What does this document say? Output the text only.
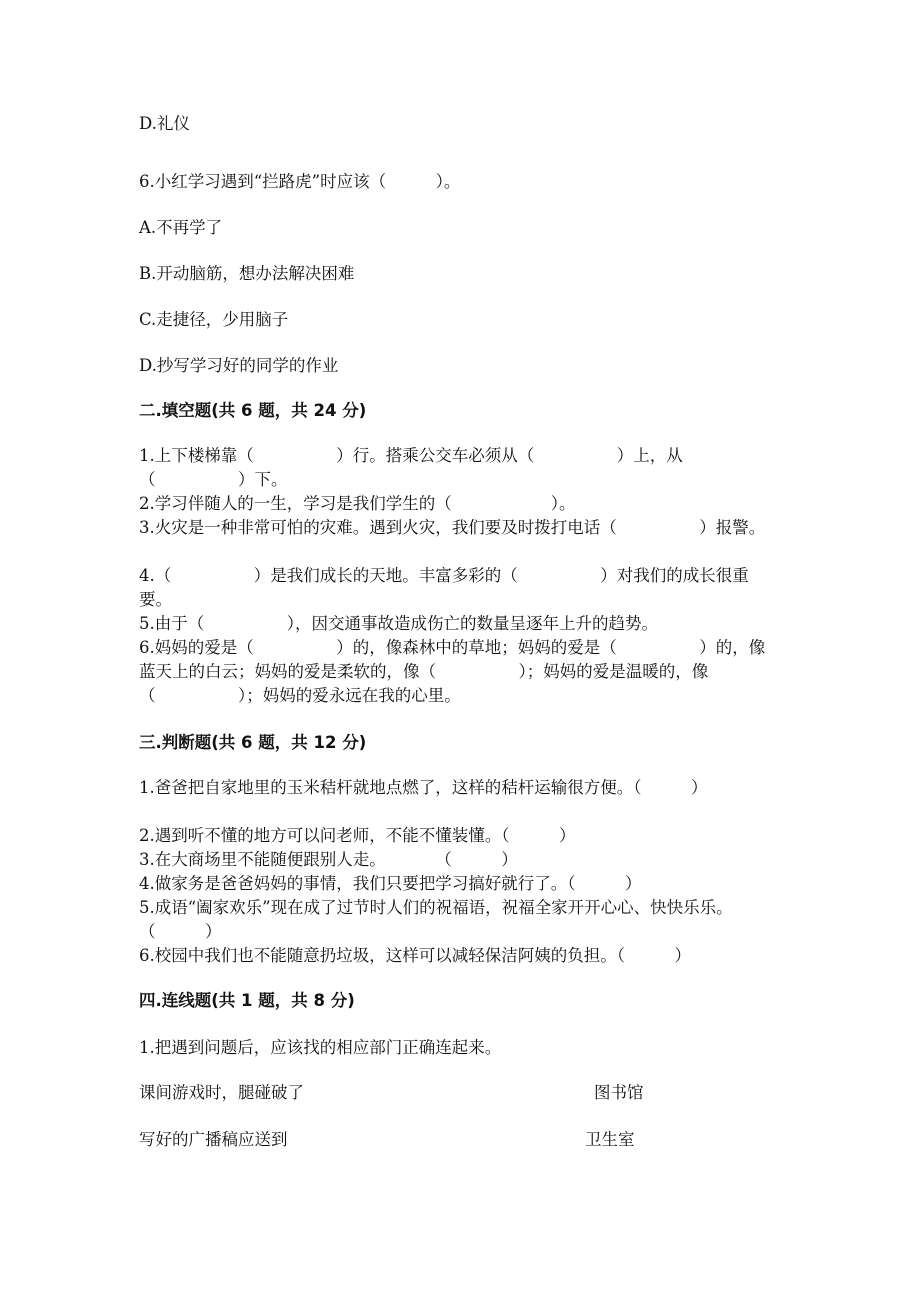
D.礼仪
6.小红学习遇到“拦路虎”时应该（　　　）。
A.不再学了
B.开动脑筋，想办法解决困难
C.走捷径，少用脑子
D.抄写学习好的同学的作业
二.填空题(共 6 题，共 24 分)
1.上下楼梯靠（　　　　　）行。搭乘公交车必须从（　　　　　）上，从（　　　　　）下。
2.学习伴随人的一生，学习是我们学生的（　　　　　　）。
3.火灾是一种非常可怕的灾难。遇到火灾，我们要及时拨打电话（　　　　　）报警。
4.（　　　　　）是我们成长的天地。丰富多彩的（　　　　　）对我们的成长很重要。
5.由于（　　　　　），因交通事故造成伤亡的数量呈逐年上升的趋势。
6.妈妈的爱是（　　　　　）的，像森林中的草地；妈妈的爱是（　　　　　）的，像蓝天上的白云；妈妈的爱是柔软的，像（　　　　　）；妈妈的爱是温暖的，像（　　　　　）；妈妈的爱永远在我的心里。
三.判断题(共 6 题，共 12 分)
1.爸爸把自家地里的玉米秸杆就地点燃了，这样的秸杆运输很方便。（　　　）
2.遇到听不懂的地方可以问老师，不能不懂装懂。（　　　）
3.在大商场里不能随便跟别人走。　　　　（　　　）
4.做家务是爸爸妈妈的事情，我们只要把学习搞好就行了。（　　　）
5.成语“阖家欢乐”现在成了过节时人们的祝福语，祝福全家开开心心、快快乐乐。（　　　）
6.校园中我们也不能随意扔垃圾，这样可以减轻保洁阿姨的负担。（　　　）
四.连线题(共 1 题，共 8 分)
1.把遇到问题后，应该找的相应部门正确连起来。
课间游戏时，腿碰破了	图书馆
写好的广播稿应送到	卫生室
